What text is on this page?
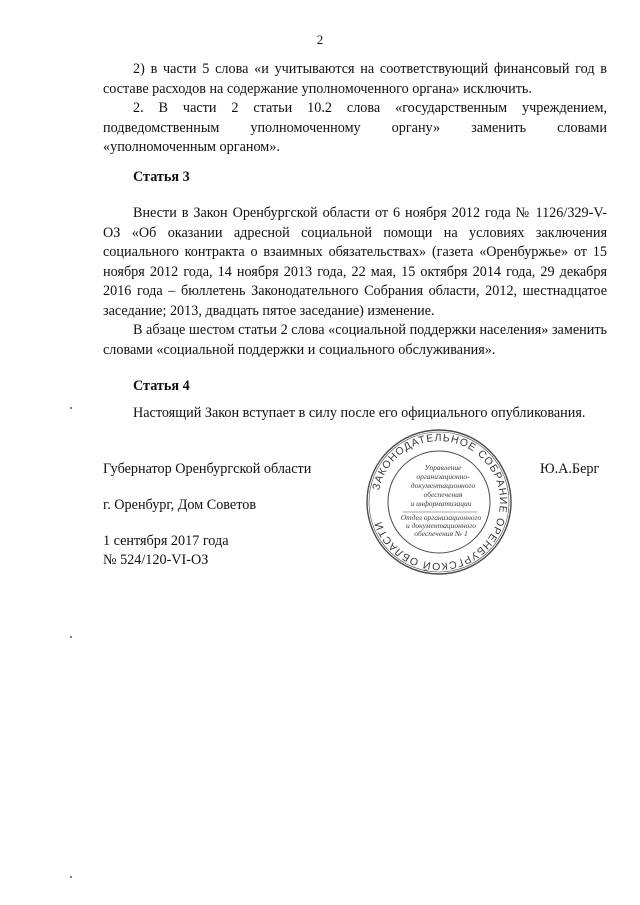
2
2) в части 5 слова «и учитываются на соответствующий финансовый год в составе расходов на содержание уполномоченного органа» исключить.
2. В части 2 статьи 10.2 слова «государственным учреждением, подведомственным уполномоченному органу» заменить словами «уполномоченным органом».
Статья 3
Внести в Закон Оренбургской области от 6 ноября 2012 года № 1126/329-V-ОЗ «Об оказании адресной социальной помощи на условиях заключения социального контракта о взаимных обязательствах» (газета «Оренбуржье» от 15 ноября 2012 года, 14 ноября 2013 года, 22 мая, 15 октября 2014 года, 29 декабря 2016 года – бюллетень Законодательного Собрания области, 2012, шестнадцатое заседание; 2013, двадцать пятое заседание) изменение.
В абзаце шестом статьи 2 слова «социальной поддержки населения» заменить словами «социальной поддержки и социального обслуживания».
Статья 4
Настоящий Закон вступает в силу после его официального опубликования.
Губернатор Оренбургской области	Ю.А.Берг
г. Оренбург, Дом Советов
1 сентября 2017 года
№ 524/120-VI-ОЗ
ЗАКОНОДАТЕЛЬНОЕ СОБРАНИЕ ОРЕНБУРГСКОЙ ОБЛАСТИ
Управление
организационно-
документационного
обеспечения
и информатизации
Отдел организационного
и документационного
обеспечения № 1
